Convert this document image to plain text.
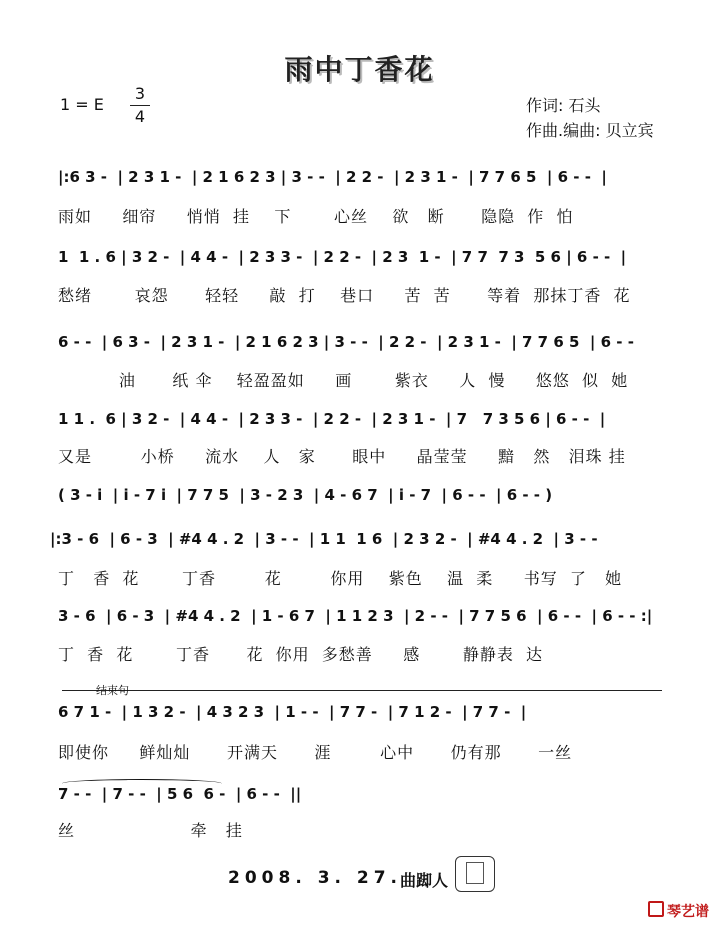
雨中丁香花
1 = E
3
4
作词: 石头
作曲.编曲: 贝立宾
|:6 3 -  | 2 3 1 -  | 2 1 6 2 3 | 3 - -  | 2 2 -  | 2 3 1 -  | 7 7 6 5  | 6 - -  |
雨如     细帘     悄悄  挂    下       心丝    欲   断      隐隐  作  怕
1  1 . 6 | 3 2 -  | 4 4 -  | 2 3 3 -  | 2 2 -  | 2 3  1 -  | 7 7  7 3  5 6 | 6 - -  |
愁绪       哀怨      轻轻     敲  打    巷口     苦  苦      等着  那抹丁香  花
6 - -  | 6 3 -  | 2 3 1 -  | 2 1 6 2 3 | 3 - -  | 2 2 -  | 2 3 1 -  | 7 7 6 5  | 6 - -
油      纸 伞    轻盈盈如     画       紫衣     人  慢     悠悠  似  她
1 1 .  6 | 3 2 -  | 4 4 -  | 2 3 3 -  | 2 2 -  | 2 3 1 -  | 7   7 3 5 6 | 6 - -  |
又是        小桥     流水    人   家      眼中     晶莹莹     黯   然   泪珠 挂
( 3 - i  | i - 7 i  | 7 7 5  | 3 - 2 3  | 4 - 6 7  | i - 7  | 6 - -  | 6 - - )
|:3 - 6  | 6 - 3  | #4 4 . 2  | 3 - -  | 1 1  1 6  | 2 3 2 -  | #4 4 . 2  | 3 - -
丁   香  花       丁香        花        你用    紫色    温  柔     书写  了   她
3 - 6  | 6 - 3  | #4 4 . 2  | 1 - 6 7  | 1 1 2 3  | 2 - -  | 7 7 5 6  | 6 - -  | 6 - - :|
丁  香  花       丁香      花  你用  多愁善     感       静静表  达
结束句
6 7 1 -  | 1 3 2 -  | 4 3 2 3  | 1 - -  | 7 7 -  | 7 1 2 -  | 7 7 -  |
即使你     鲜灿灿      开满天      涯        心中      仍有那      一丝
7 - -  | 7 - -  | 5 6  6 -  | 6 - -  ||
丝                   牵   挂
2008. 3. 27.
曲踋人
琴艺谱
